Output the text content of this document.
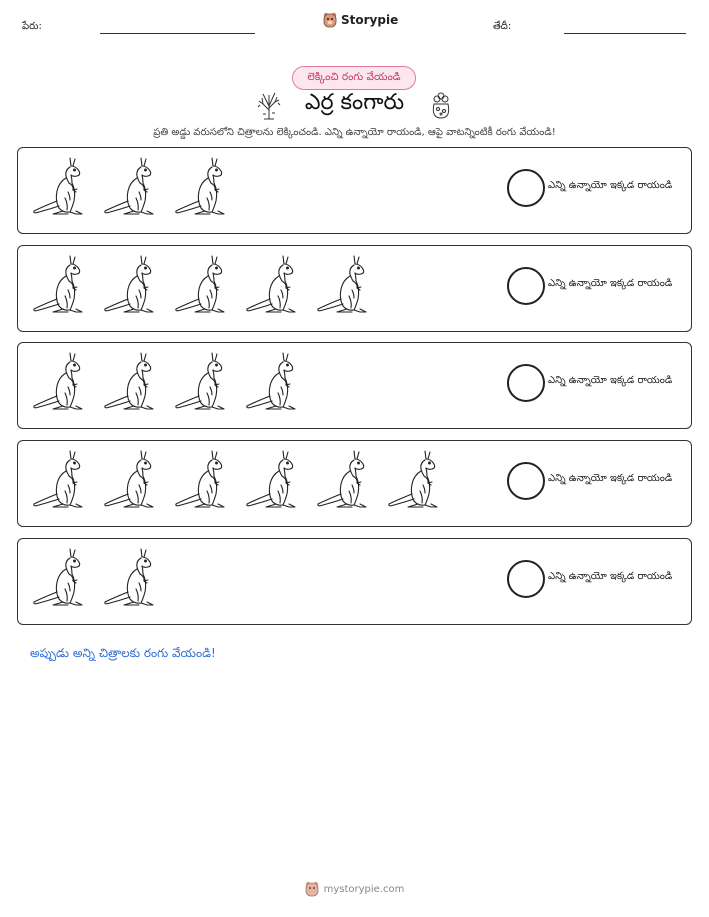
పేరు:	Storypie	తేదీ:
లెక్కించి రంగు వేయండి
ఎర్ర కంగారు
ప్రతి అడ్డు వరుసలోని చిత్రాలను లెక్కించండి. ఎన్ని ఉన్నాయో రాయండి, ఆపై వాటన్నింటికీ రంగు వేయండి!
ఎన్ని ఉన్నాయో ఇక్కడ రాయండి
ఎన్ని ఉన్నాయో ఇక్కడ రాయండి
ఎన్ని ఉన్నాయో ఇక్కడ రాయండి
ఎన్ని ఉన్నాయో ఇక్కడ రాయండి
ఎన్ని ఉన్నాయో ఇక్కడ రాయండి
అప్పుడు అన్ని చిత్రాలకు రంగు వేయండి!
mystorypie.com
